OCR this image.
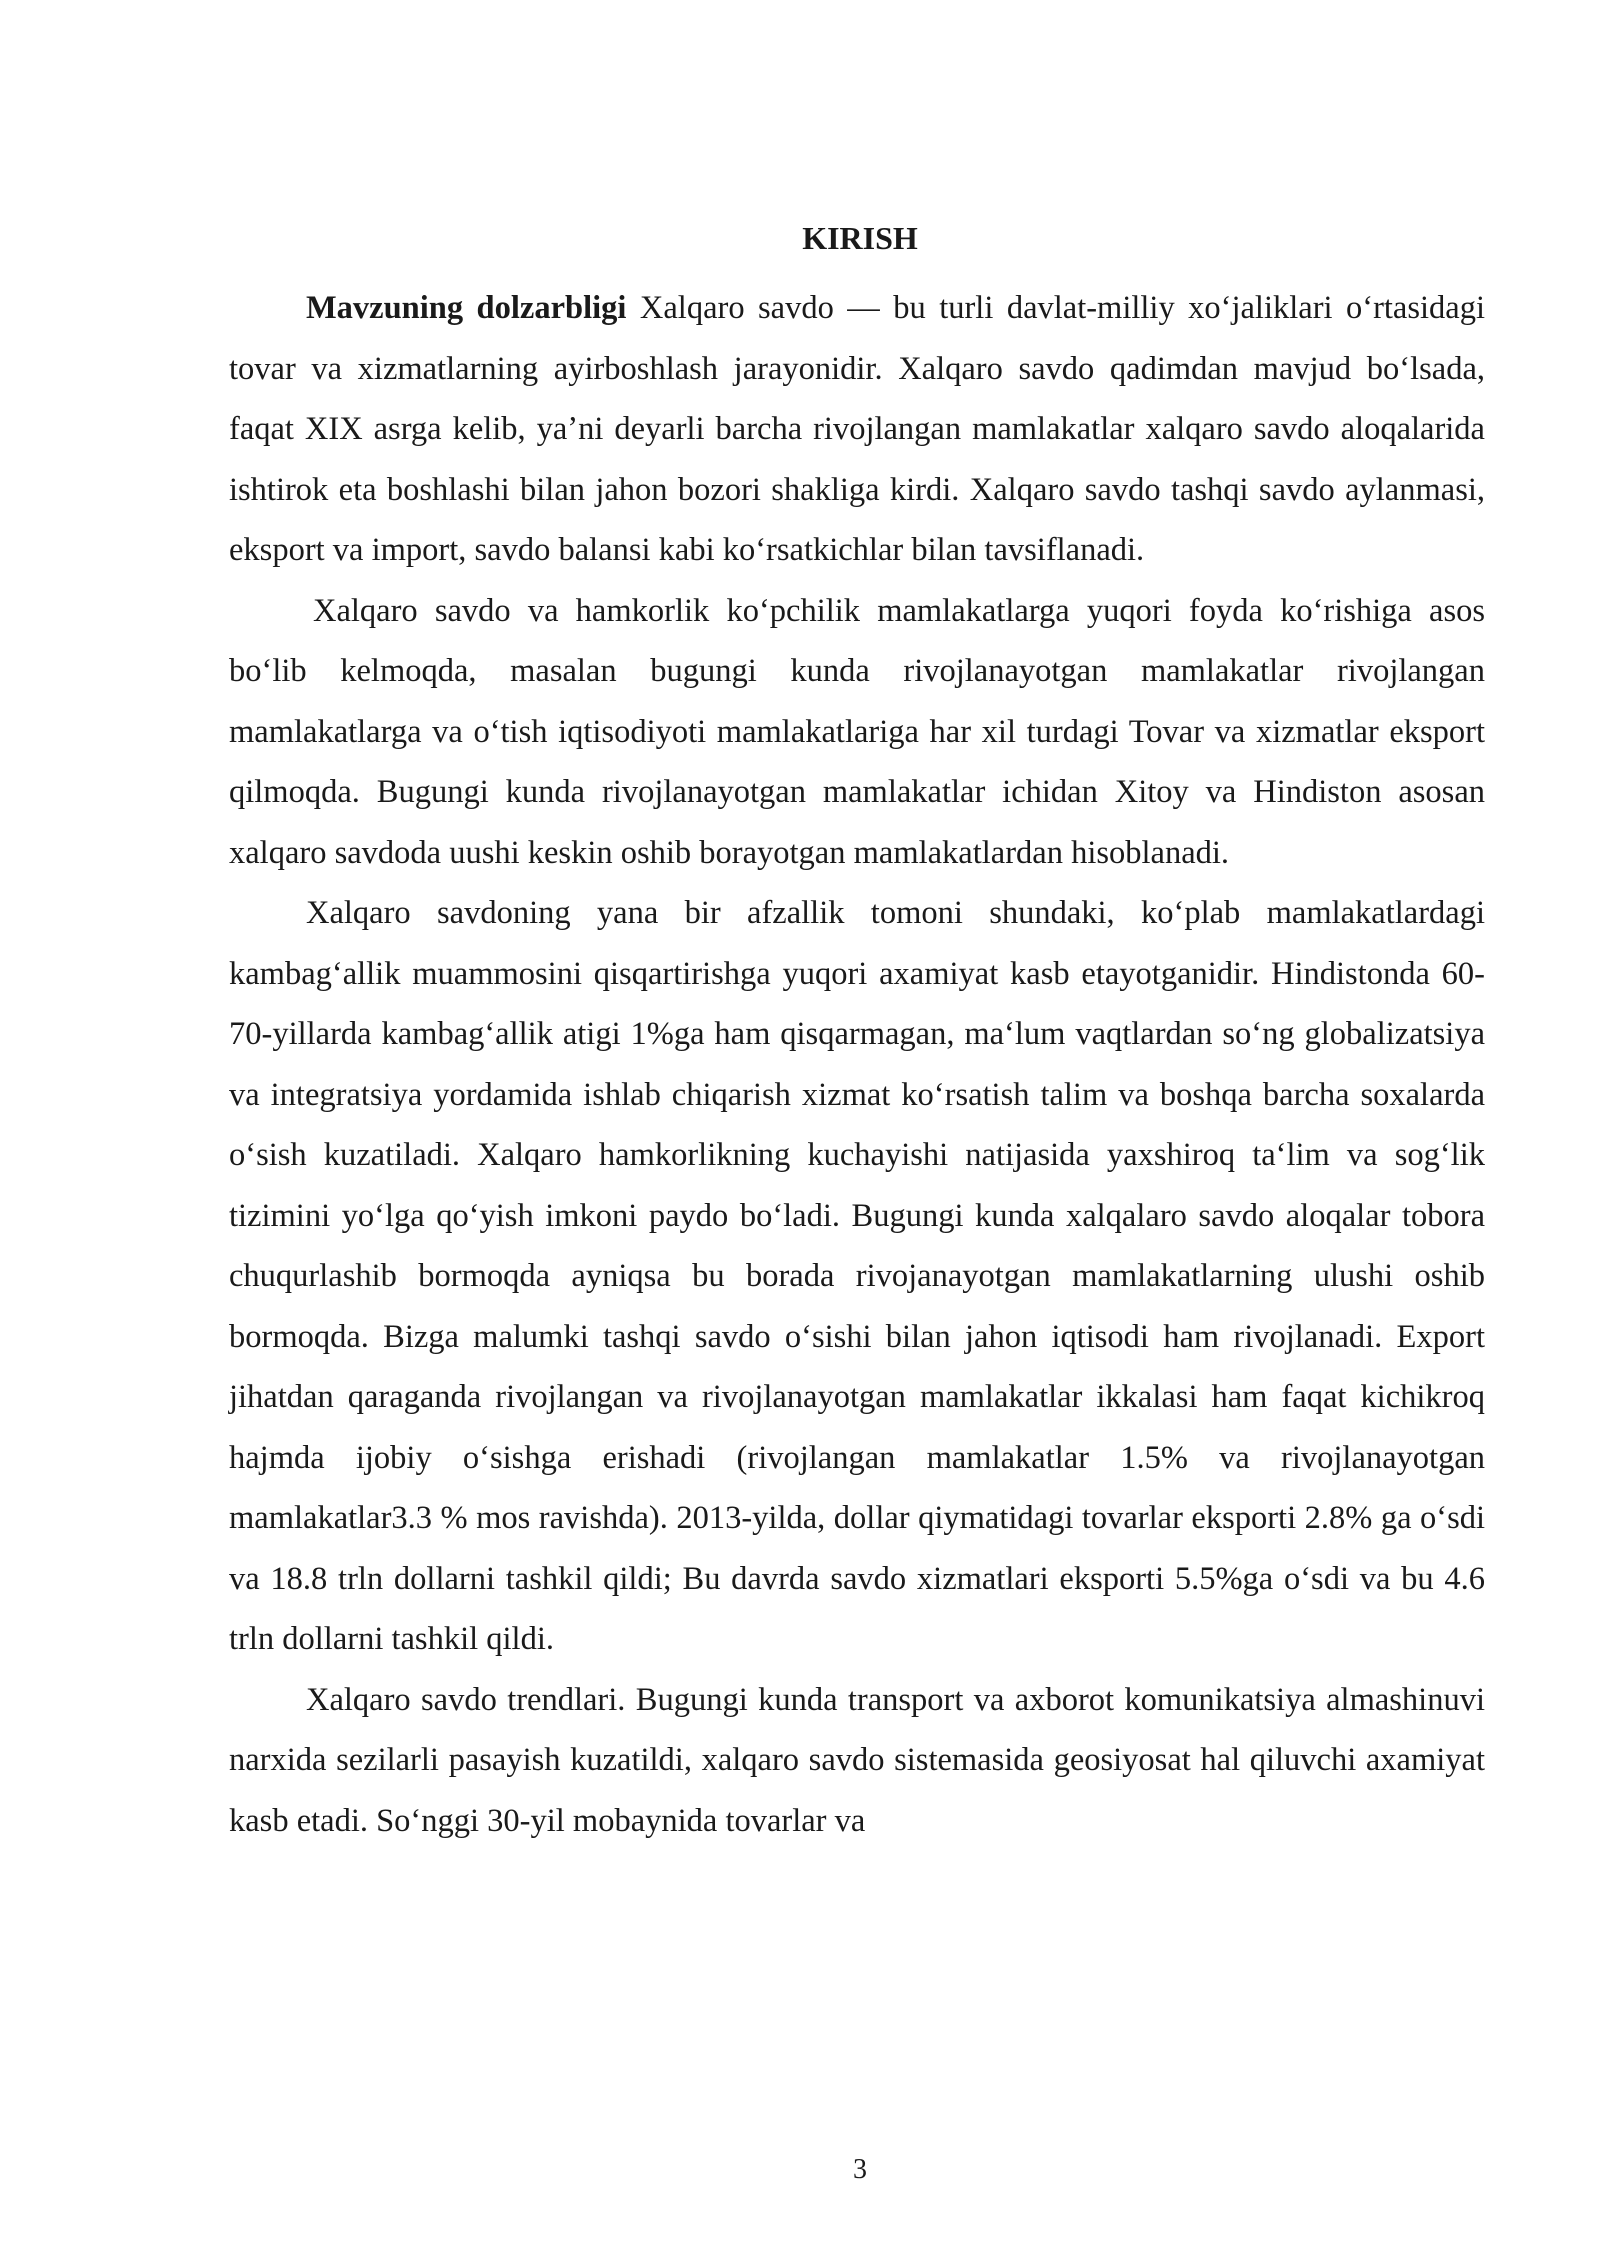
KIRISH

Mavzuning dolzarbligi Xalqaro savdo — bu turli davlat-milliy xoʻjaliklari oʻrtasidagi tovar va xizmatlarning ayirboshlash jarayonidir. Xalqaro savdo qadimdan mavjud boʻlsada, faqat XIX asrga kelib, yaʼni deyarli barcha rivojlangan mamlakatlar xalqaro savdo aloqalarida ishtirok eta boshlashi bilan jahon bozori shakliga kirdi. Xalqaro savdo tashqi savdo aylanmasi, eksport va import, savdo balansi kabi koʻrsatkichlar bilan tavsiflanadi.

Xalqaro savdo va hamkorlik koʻpchilik mamlakatlarga yuqori foyda koʻrishiga asos boʻlib kelmoqda, masalan bugungi kunda rivojlanayotgan mamlakatlar rivojlangan mamlakatlarga va oʻtish iqtisodiyoti mamlakatlariga har xil turdagi Tovar va xizmatlar eksport qilmoqda. Bugungi kunda rivojlanayotgan mamlakatlar ichidan Xitoy va Hindiston asosan xalqaro savdoda uushi keskin oshib borayotgan mamlakatlardan hisoblanadi.

Xalqaro savdoning yana bir afzallik tomoni shundaki, koʻplab mamlakatlardagi kambagʻallik muammosini qisqartirishga yuqori axamiyat kasb etayotganidir. Hindistonda 60-70-yillarda kambagʻallik atigi 1%ga ham qisqarmagan, maʻlum vaqtlardan soʻng globalizatsiya va integratsiya yordamida ishlab chiqarish xizmat koʻrsatish talim va boshqa barcha soxalarda oʻsish kuzatiladi. Xalqaro hamkorlikning kuchayishi natijasida yaxshiroq taʻlim va sogʻlik tizimini yoʻlga qoʻyish imkoni paydo boʻladi. Bugungi kunda xalqalaro savdo aloqalar tobora chuqurlashib bormoqda ayniqsa bu borada rivojanayotgan mamlakatlarning ulushi oshib bormoqda. Bizga malumki tashqi savdo oʻsishi bilan jahon iqtisodi ham rivojlanadi. Export jihatdan qaraganda rivojlangan va rivojlanayotgan mamlakatlar ikkalasi ham faqat kichikroq hajmda ijobiy oʻsishga erishadi (rivojlangan mamlakatlar 1.5% va rivojlanayotgan mamlakatlar3.3 % mos ravishda). 2013-yilda, dollar qiymatidagi tovarlar eksporti 2.8% ga oʻsdi va 18.8 trln dollarni tashkil qildi; Bu davrda savdo xizmatlari eksporti 5.5%ga oʻsdi va bu 4.6 trln dollarni tashkil qildi.

Xalqaro savdo trendlari. Bugungi kunda transport va axborot komunikatsiya almashinuvi narxida sezilarli pasayish kuzatildi, xalqaro savdo sistemasida geosiyosat hal qiluvchi axamiyat kasb etadi. Soʻnggi 30-yil mobaynida tovarlar va

3
